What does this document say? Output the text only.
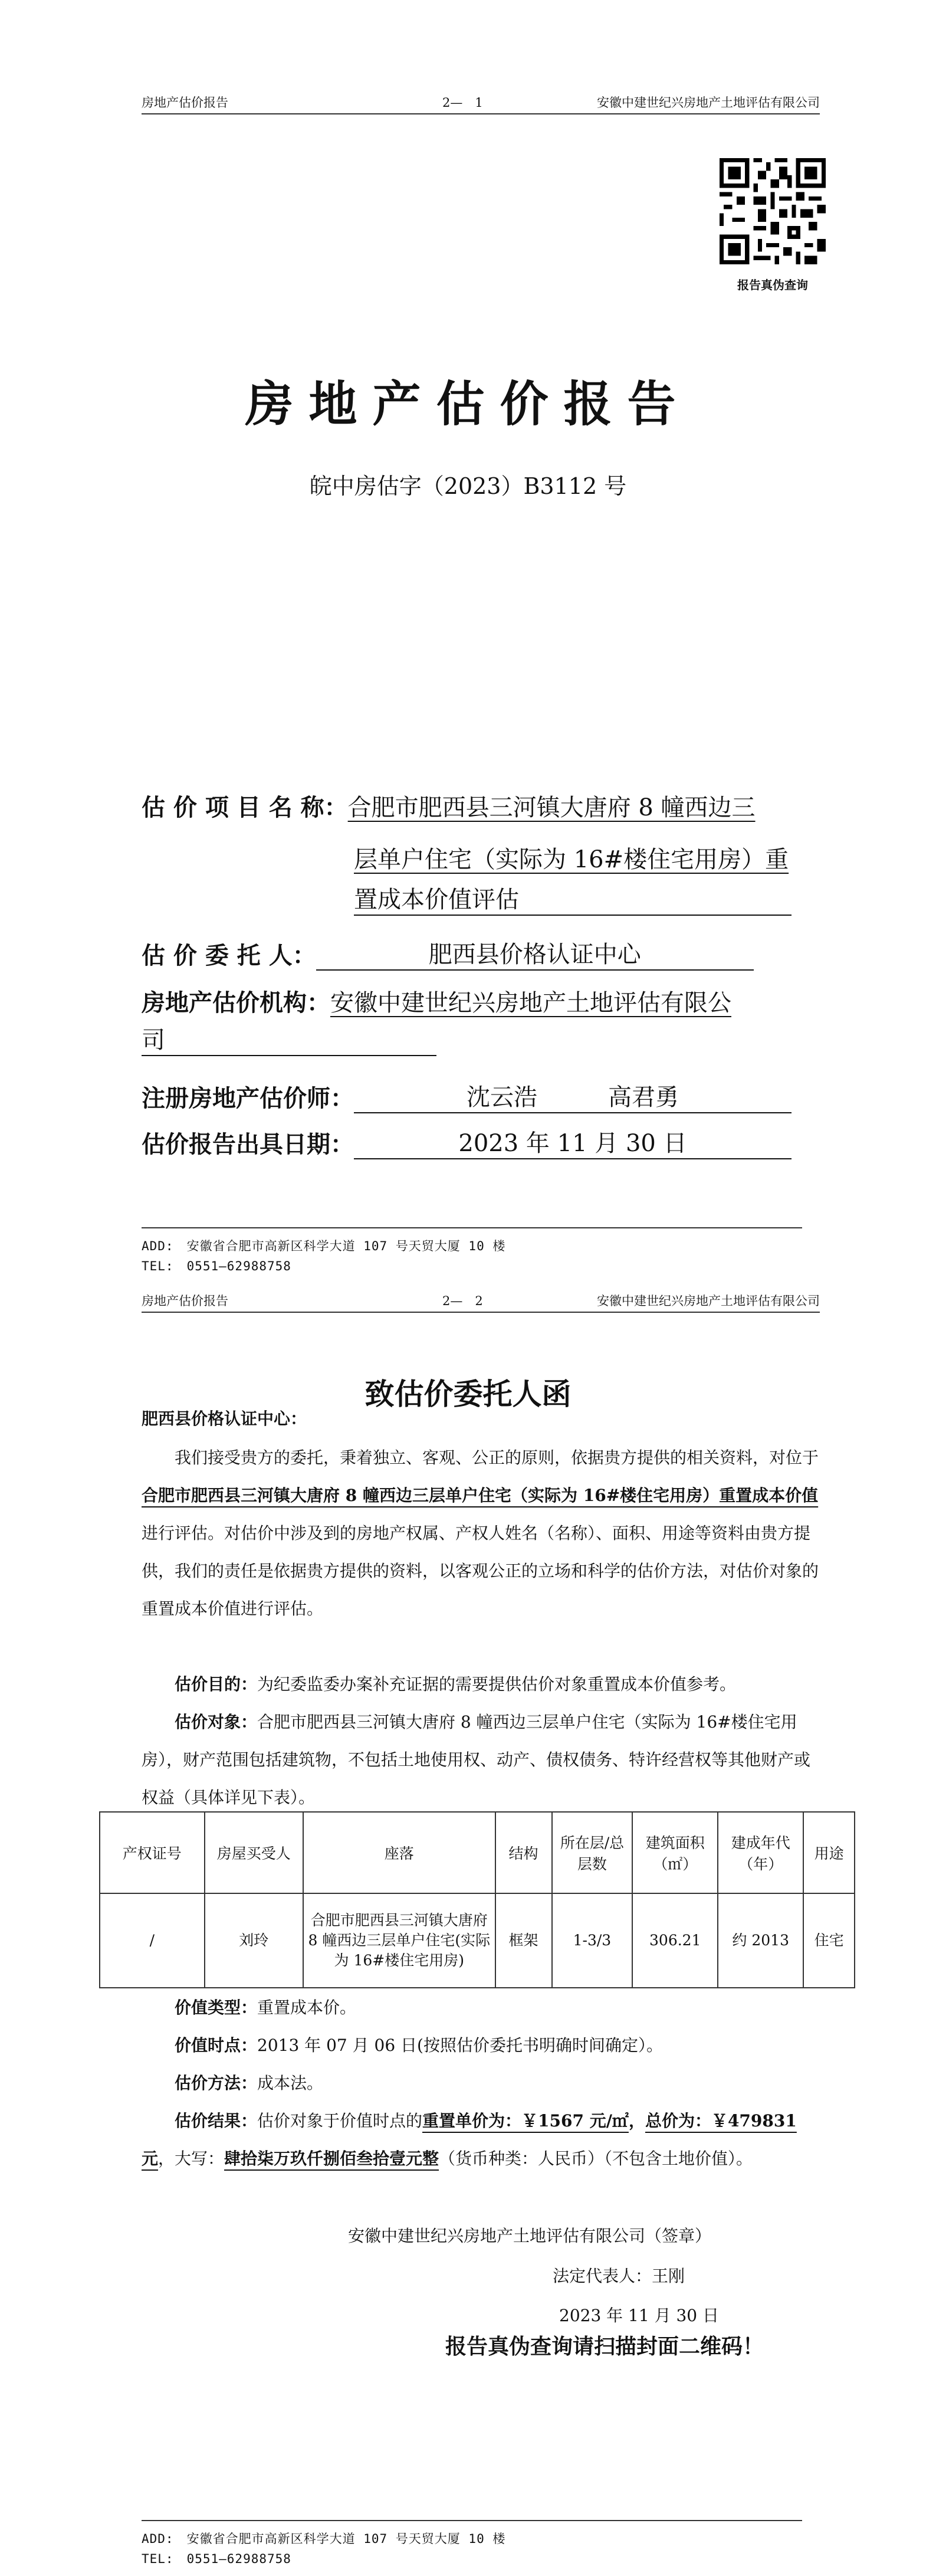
房地产估价报告	2—　1	安徽中建世纪兴房地产土地评估有限公司
报告真伪查询
房地产估价报告
皖中房估字（2023）B3112 号
估 价 项 目 名 称：合肥市肥西县三河镇大唐府 8 幢西边三
层单户住宅（实际为 16#楼住宅用房）重
置成本价值评估
估 价 委 托 人：	肥西县价格认证中心
房地产估价机构：安徽中建世纪兴房地产土地评估有限公
司
注册房地产估价师：	沈云浩　　　高君勇
估价报告出具日期：	2023 年 11 月 30 日
ADD:　安徽省合肥市高新区科学大道 107 号天贸大厦 10 楼
TEL:　0551—62988758
房地产估价报告	2—　2	安徽中建世纪兴房地产土地评估有限公司
致估价委托人函
肥西县价格认证中心：
我们接受贵方的委托，秉着独立、客观、公正的原则，依据贵方提供的相关资料，对位于合肥市肥西县三河镇大唐府 8 幢西边三层单户住宅（实际为 16#楼住宅用房）重置成本价值进行评估。对估价中涉及到的房地产权属、产权人姓名（名称）、面积、用途等资料由贵方提供，我们的责任是依据贵方提供的资料，以客观公正的立场和科学的估价方法，对估价对象的重置成本价值进行评估。
估价目的：为纪委监委办案补充证据的需要提供估价对象重置成本价值参考。
估价对象：合肥市肥西县三河镇大唐府 8 幢西边三层单户住宅（实际为 16#楼住宅用房），财产范围包括建筑物，不包括土地使用权、动产、债权债务、特许经营权等其他财产或权益（具体详见下表）。
产权证号	房屋买受人	座落	结构	所在层/总层数	建筑面积（㎡）	建成年代（年）	用途
/	刘玲	合肥市肥西县三河镇大唐府 8 幢西边三层单户住宅(实际为 16#楼住宅用房)	框架	1-3/3	306.21	约 2013	住宅
价值类型：重置成本价。
价值时点：2013 年 07 月 06 日(按照估价委托书明确时间确定）。
估价方法：成本法。
估价结果：估价对象于价值时点的重置单价为：￥1567 元/㎡，总价为：￥479831 元，大写：肆拾柒万玖仟捌佰叁拾壹元整（货币种类：人民币）（不包含土地价值）。
安徽中建世纪兴房地产土地评估有限公司（签章）
法定代表人：王刚
2023 年 11 月 30 日
报告真伪查询请扫描封面二维码！
ADD:　安徽省合肥市高新区科学大道 107 号天贸大厦 10 楼
TEL:　0551—62988758
